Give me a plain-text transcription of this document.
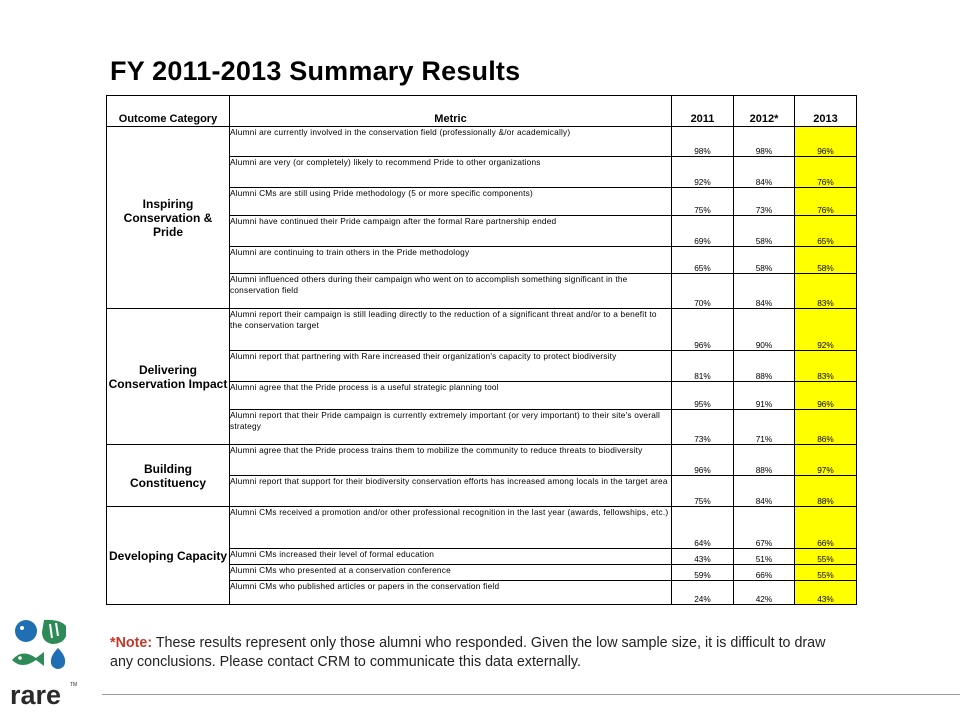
FY 2011-2013 Summary Results
Outcome Category	Metric	2011	2012*	2013
Inspiring Conservation & Pride	Alumni are currently involved in the conservation field (professionally &/or academically)	98%	98%	96%
	Alumni are very (or completely) likely to recommend Pride to other organizations	92%	84%	76%
	Alumni CMs are still using Pride methodology (5 or more specific components)	75%	73%	76%
	Alumni have continued their Pride campaign after the formal Rare partnership ended	69%	58%	65%
	Alumni are continuing to train others in the Pride methodology	65%	58%	58%
	Alumni influenced others during their campaign who went on to accomplish something significant in the conservation field	70%	84%	83%
Delivering Conservation Impact	Alumni report their campaign is still leading directly to the reduction of a significant threat and/or to a benefit to the conservation target	96%	90%	92%
	Alumni report that partnering with Rare increased their organization's capacity to protect biodiversity	81%	88%	83%
	Alumni agree that the Pride process is a useful strategic planning tool	95%	91%	96%
	Alumni report that their Pride campaign is currently extremely important (or very important) to their site's overall strategy	73%	71%	86%
Building Constituency	Alumni agree that the Pride process trains them to mobilize the community to reduce threats to biodiversity	96%	88%	97%
	Alumni report that support for their biodiversity conservation efforts has increased among locals in the target area	75%	84%	88%
Developing Capacity	Alumni CMs received a promotion and/or other professional recognition in the last year (awards, fellowships, etc.)	64%	67%	66%
	Alumni CMs increased their level of formal education	43%	51%	55%
	Alumni CMs who presented at a conservation conference	59%	66%	55%
	Alumni CMs who published articles or papers in the conservation field	24%	42%	43%
*Note: These results represent only those alumni who responded. Given the low sample size, it is difficult to draw any conclusions. Please contact CRM to communicate this data externally.
rare TM
